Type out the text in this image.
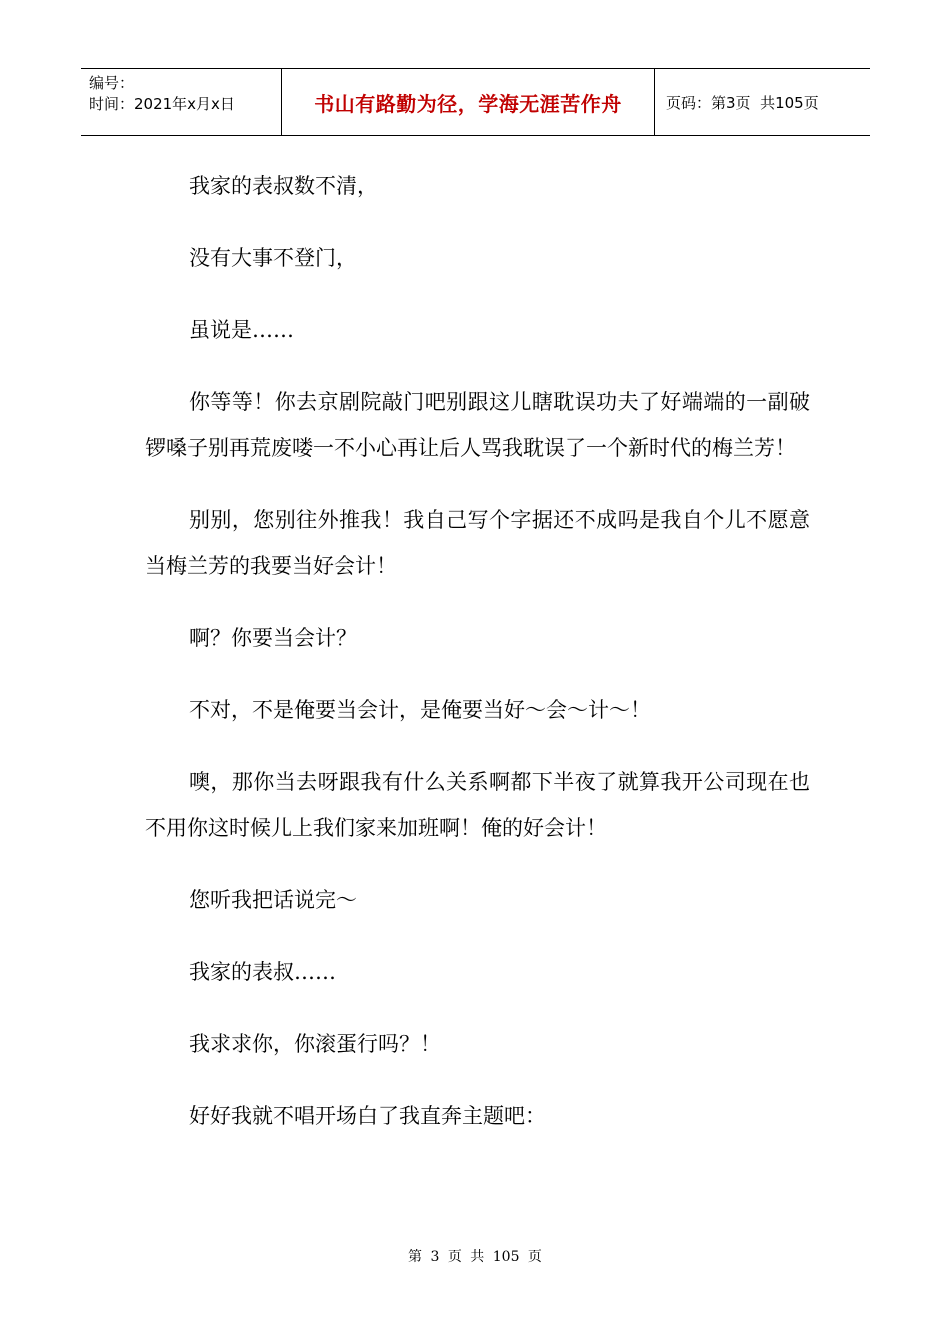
编号：
时间：2021年x月x日	书山有路勤为径，学海无涯苦作舟	页码：第3页  共105页

我家的表叔数不清，

没有大事不登门，

虽说是……

你等等！你去京剧院敲门吧别跟这儿瞎耽误功夫了好端端的一副破锣嗓子别再荒废喽一不小心再让后人骂我耽误了一个新时代的梅兰芳！

别别，您别往外推我！我自己写个字据还不成吗是我自个儿不愿意当梅兰芳的我要当好会计！

啊？你要当会计？

不对，不是俺要当会计，是俺要当好～会～计～！

噢，那你当去呀跟我有什么关系啊都下半夜了就算我开公司现在也不用你这时候儿上我们家来加班啊！俺的好会计！

您听我把话说完～

我家的表叔……

我求求你，你滚蛋行吗？！

好好我就不唱开场白了我直奔主题吧：

第 3 页 共 105 页
